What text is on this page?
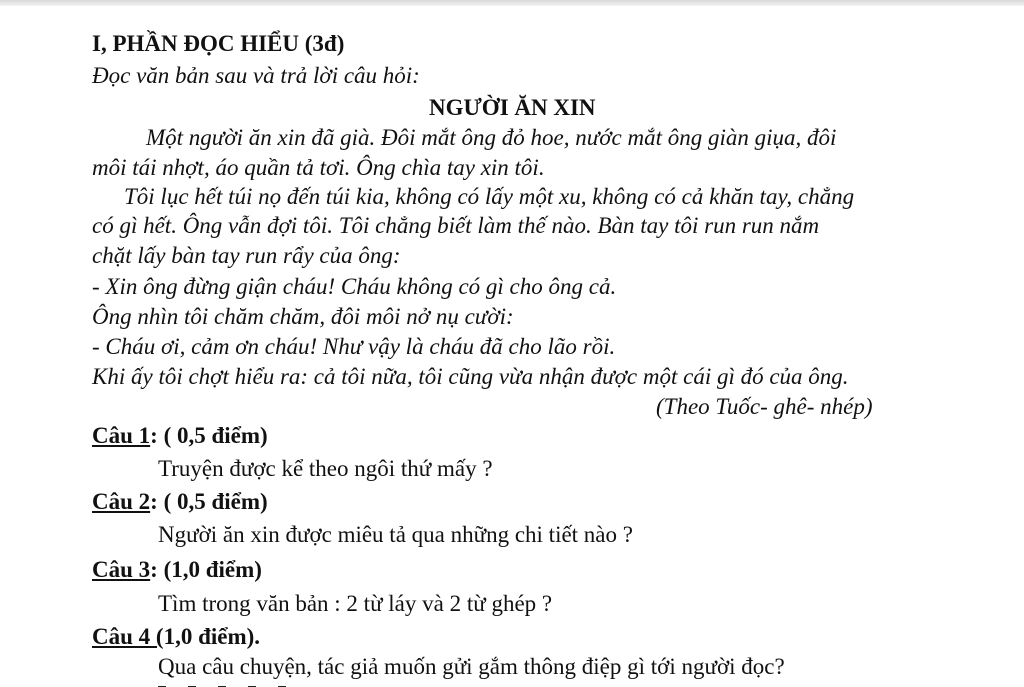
I, PHẦN ĐỌC HIỂU (3đ)
Đọc văn bản sau và trả lời câu hỏi:
NGƯỜI ĂN XIN
Một người ăn xin đã già. Đôi mắt ông đỏ hoe, nước mắt ông giàn giụa, đôi
môi tái nhợt, áo quần tả tơi. Ông chìa tay xin tôi.
Tôi lục hết túi nọ đến túi kia, không có lấy một xu, không có cả khăn tay, chẳng
có gì hết. Ông vẫn đợi tôi. Tôi chẳng biết làm thế nào. Bàn tay tôi run run nắm
chặt lấy bàn tay run rẩy của ông:
- Xin ông đừng giận cháu! Cháu không có gì cho ông cả.
Ông nhìn tôi chăm chăm, đôi môi nở nụ cười:
- Cháu ơi, cảm ơn cháu! Như vậy là cháu đã cho lão rồi.
Khi ấy tôi chợt hiểu ra: cả tôi nữa, tôi cũng vừa nhận được một cái gì đó của ông.
(Theo Tuốc- ghê- nhép)
Câu 1: ( 0,5 điểm)
Truyện được kể theo ngôi thứ mấy ?
Câu 2: ( 0,5 điểm)
Người ăn xin được miêu tả qua những chi tiết nào ?
Câu 3: (1,0 điểm)
Tìm trong văn bản : 2 từ láy và 2 từ ghép ?
Câu 4 (1,0 điểm).
Qua câu chuyện, tác giả muốn gửi gắm thông điệp gì tới người đọc?
